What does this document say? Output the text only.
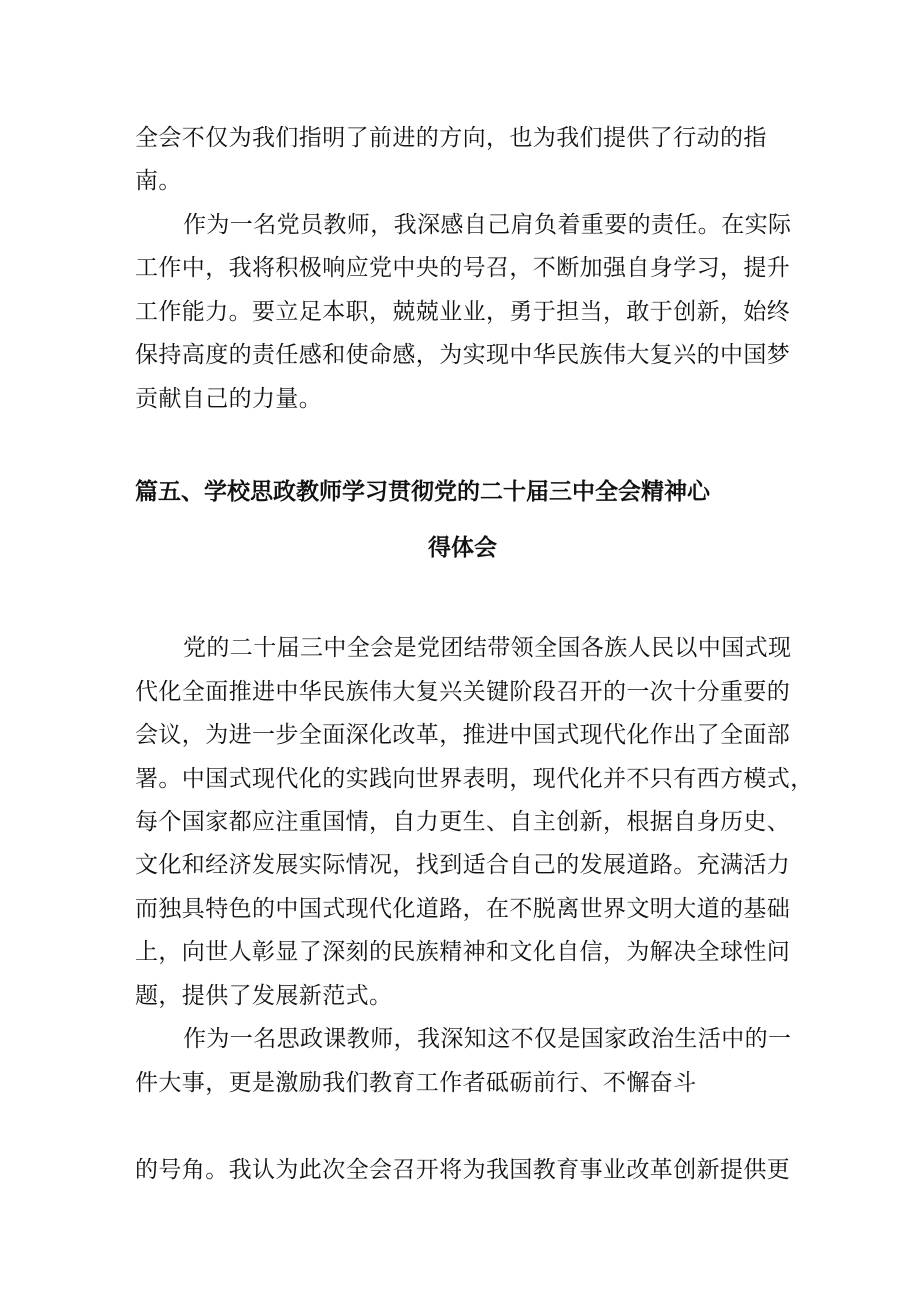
全会不仅为我们指明了前进的方向，也为我们提供了行动的指
南。
作为一名党员教师，我深感自己肩负着重要的责任。在实际
工作中，我将积极响应党中央的号召，不断加强自身学习，提升
工作能力。要立足本职，兢兢业业，勇于担当，敢于创新，始终
保持高度的责任感和使命感，为实现中华民族伟大复兴的中国梦
贡献自己的力量。
篇五、学校思政教师学习贯彻党的二十届三中全会精神心
得体会
党的二十届三中全会是党团结带领全国各族人民以中国式现
代化全面推进中华民族伟大复兴关键阶段召开的一次十分重要的
会议，为进一步全面深化改革，推进中国式现代化作出了全面部
署。中国式现代化的实践向世界表明，现代化并不只有西方模式，
每个国家都应注重国情，自力更生、自主创新，根据自身历史、
文化和经济发展实际情况，找到适合自己的发展道路。充满活力
而独具特色的中国式现代化道路，在不脱离世界文明大道的基础
上，向世人彰显了深刻的民族精神和文化自信，为解决全球性问
题，提供了发展新范式。
作为一名思政课教师，我深知这不仅是国家政治生活中的一
件大事，更是激励我们教育工作者砥砺前行、不懈奋斗
的号角。我认为此次全会召开将为我国教育事业改革创新提供更
